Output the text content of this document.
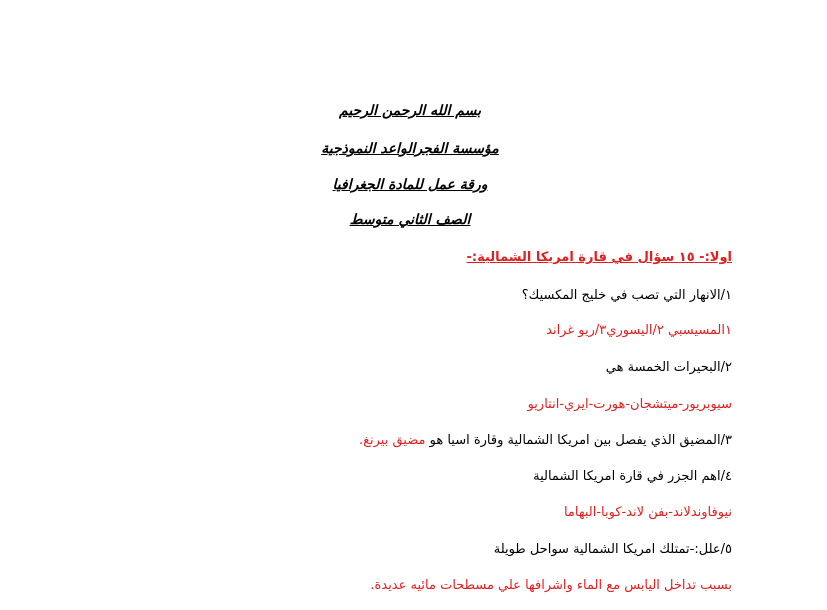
بسم الله الرحمن الرحيم
مؤسسة الفجرالواعد النموذجية
ورقة عمل للمادة الجغرافيا
الصف الثاني متوسط
اولا:- ١٥ سؤال في قارة امريكا الشمالية:-
١/الانهار التي تصب في خليج المكسيك؟
١المسيسبي ٢/اليسوري٣/ريو غراند
٢/البحيرات الخمسة هي
سيوبريور-ميتشجان-هورت-ايري-انتاريو
٣/المضيق الذي يفصل بين امريكا الشمالية وقارة اسيا هو مضيق بيرنغ.
٤/اهم الجزر في قارة امريكا الشمالية
نيوفاوندلاند-بفن لاند-كوبا-البهاما
٥/علل:-تمتلك امريكا الشمالية سواحل طويلة
بسبب تداخل اليابس مع الماء واشرافها علي مسطحات مائيه عديدة.
